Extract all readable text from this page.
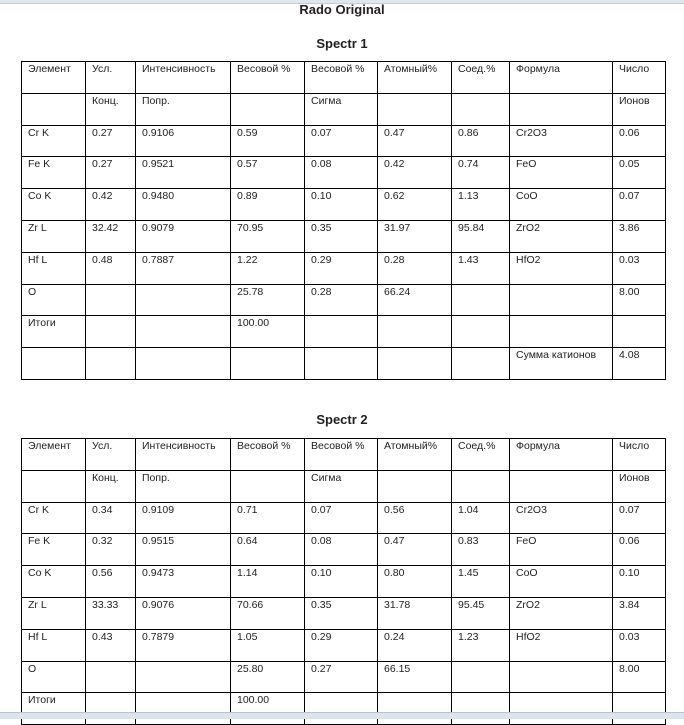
Rado Original
Spectr 1
Элемент	Усл.	Интенсивность	Весовой %	Весовой %	Атомный%	Соед.%	Формула	Число
	Конц.	Попр.		Сигма				Ионов
Cr K	0.27	0.9106	0.59	0.07	0.47	0.86	Cr2O3	0.06
Fe K	0.27	0.9521	0.57	0.08	0.42	0.74	FeO	0.05
Co K	0.42	0.9480	0.89	0.10	0.62	1.13	CoO	0.07
Zr L	32.42	0.9079	70.95	0.35	31.97	95.84	ZrO2	3.86
Hf L	0.48	0.7887	1.22	0.29	0.28	1.43	HfO2	0.03
O			25.78	0.28	66.24			8.00
Итоги			100.00					
							Сумма катионов	4.08
Spectr 2
Элемент	Усл.	Интенсивность	Весовой %	Весовой %	Атомный%	Соед.%	Формула	Число
	Конц.	Попр.		Сигма				Ионов
Cr K	0.34	0.9109	0.71	0.07	0.56	1.04	Cr2O3	0.07
Fe K	0.32	0.9515	0.64	0.08	0.47	0.83	FeO	0.06
Co K	0.56	0.9473	1.14	0.10	0.80	1.45	CoO	0.10
Zr L	33.33	0.9076	70.66	0.35	31.78	95.45	ZrO2	3.84
Hf L	0.43	0.7879	1.05	0.29	0.24	1.23	HfO2	0.03
O			25.80	0.27	66.15			8.00
Итоги			100.00					
